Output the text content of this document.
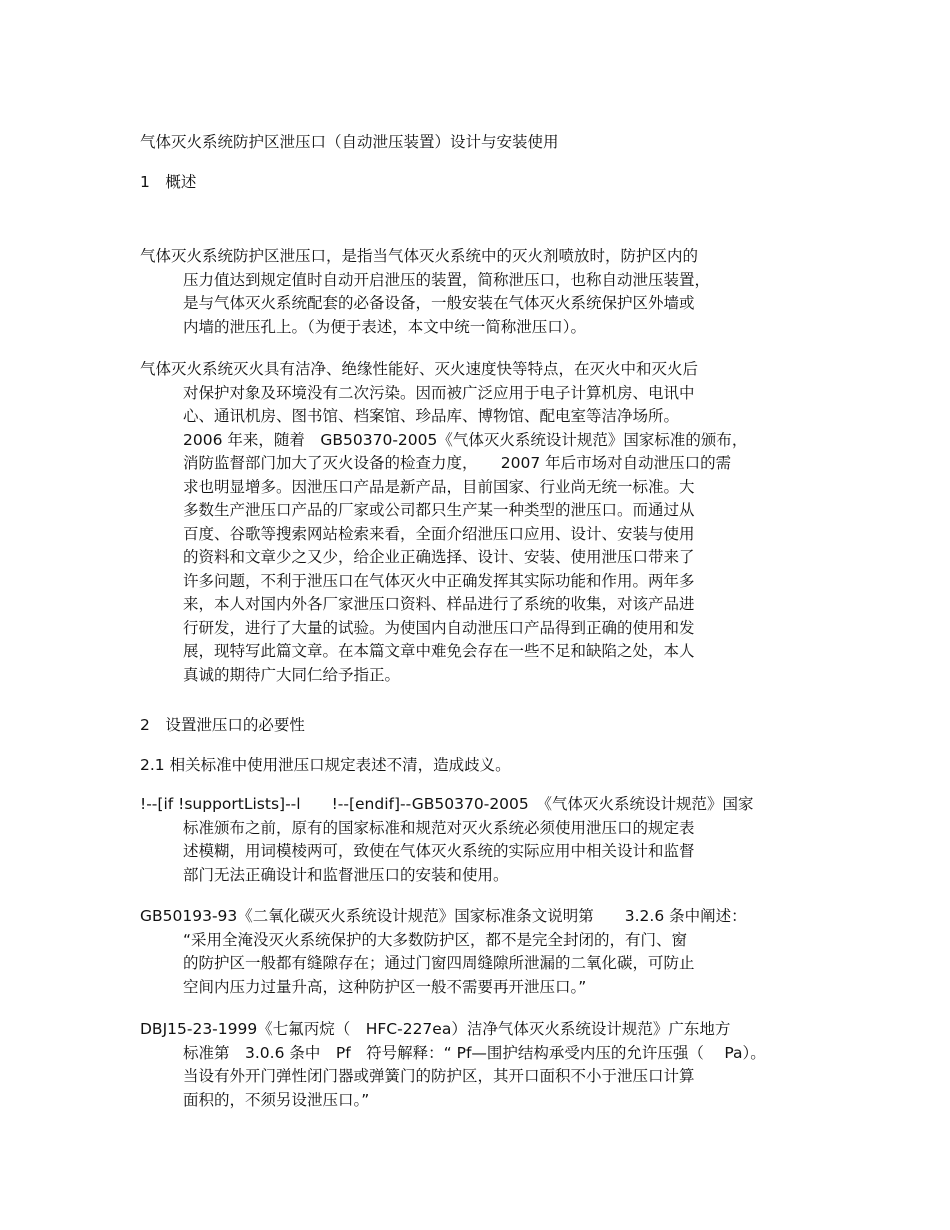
气体灭火系统防护区泄压口（自动泄压装置）设计与安装使用
1　概述
气体灭火系统防护区泄压口，是指当气体灭火系统中的灭火剂喷放时，防护区内的
压力值达到规定值时自动开启泄压的装置，简称泄压口，也称自动泄压装置，
是与气体灭火系统配套的必备设备，一般安装在气体灭火系统保护区外墙或
内墙的泄压孔上。（为便于表述，本文中统一简称泄压口）。
气体灭火系统灭火具有洁净、绝缘性能好、灭火速度快等特点，在灭火中和灭火后
对保护对象及环境没有二次污染。因而被广泛应用于电子计算机房、电讯中
心、通讯机房、图书馆、档案馆、珍品库、博物馆、配电室等洁净场所。
2006 年来，随着　GB50370-2005《气体灭火系统设计规范》国家标准的颁布，
消防监督部门加大了灭火设备的检查力度，　　2007 年后市场对自动泄压口的需
求也明显增多。因泄压口产品是新产品，目前国家、行业尚无统一标准。大
多数生产泄压口产品的厂家或公司都只生产某一种类型的泄压口。而通过从
百度、谷歌等搜索网站检索来看，全面介绍泄压口应用、设计、安装与使用
的资料和文章少之又少，给企业正确选择、设计、安装、使用泄压口带来了
许多问题，不利于泄压口在气体灭火中正确发挥其实际功能和作用。两年多
来，本人对国内外各厂家泄压口资料、样品进行了系统的收集，对该产品进
行研发，进行了大量的试验。为使国内自动泄压口产品得到正确的使用和发
展，现特写此篇文章。在本篇文章中难免会存在一些不足和缺陷之处，本人
真诚的期待广大同仁给予指正。
2　设置泄压口的必要性
2.1 相关标准中使用泄压口规定表述不清，造成歧义。
!--[if !supportLists]--l　　!--[endif]--GB50370-2005　《气体灭火系统设计规范》国家
标准颁布之前，原有的国家标准和规范对灭火系统必须使用泄压口的规定表
述模糊，用词模棱两可，致使在气体灭火系统的实际应用中相关设计和监督
部门无法正确设计和监督泄压口的安装和使用。
GB50193-93《二氧化碳灭火系统设计规范》国家标准条文说明第　　3.2.6 条中阐述：
“采用全淹没灭火系统保护的大多数防护区，都不是完全封闭的，有门、窗
的防护区一般都有缝隙存在；通过门窗四周缝隙所泄漏的二氧化碳，可防止
空间内压力过量升高，这种防护区一般不需要再开泄压口。”
DBJ15-23-1999《七氟丙烷（　HFC-227ea）洁净气体灭火系统设计规范》广东地方
标准第　3.0.6 条中　Pf　符号解释：“ Pf—围护结构承受内压的允许压强（　 Pa）。
当设有外开门弹性闭门器或弹簧门的防护区，其开口面积不小于泄压口计算
面积的，不须另设泄压口。”
